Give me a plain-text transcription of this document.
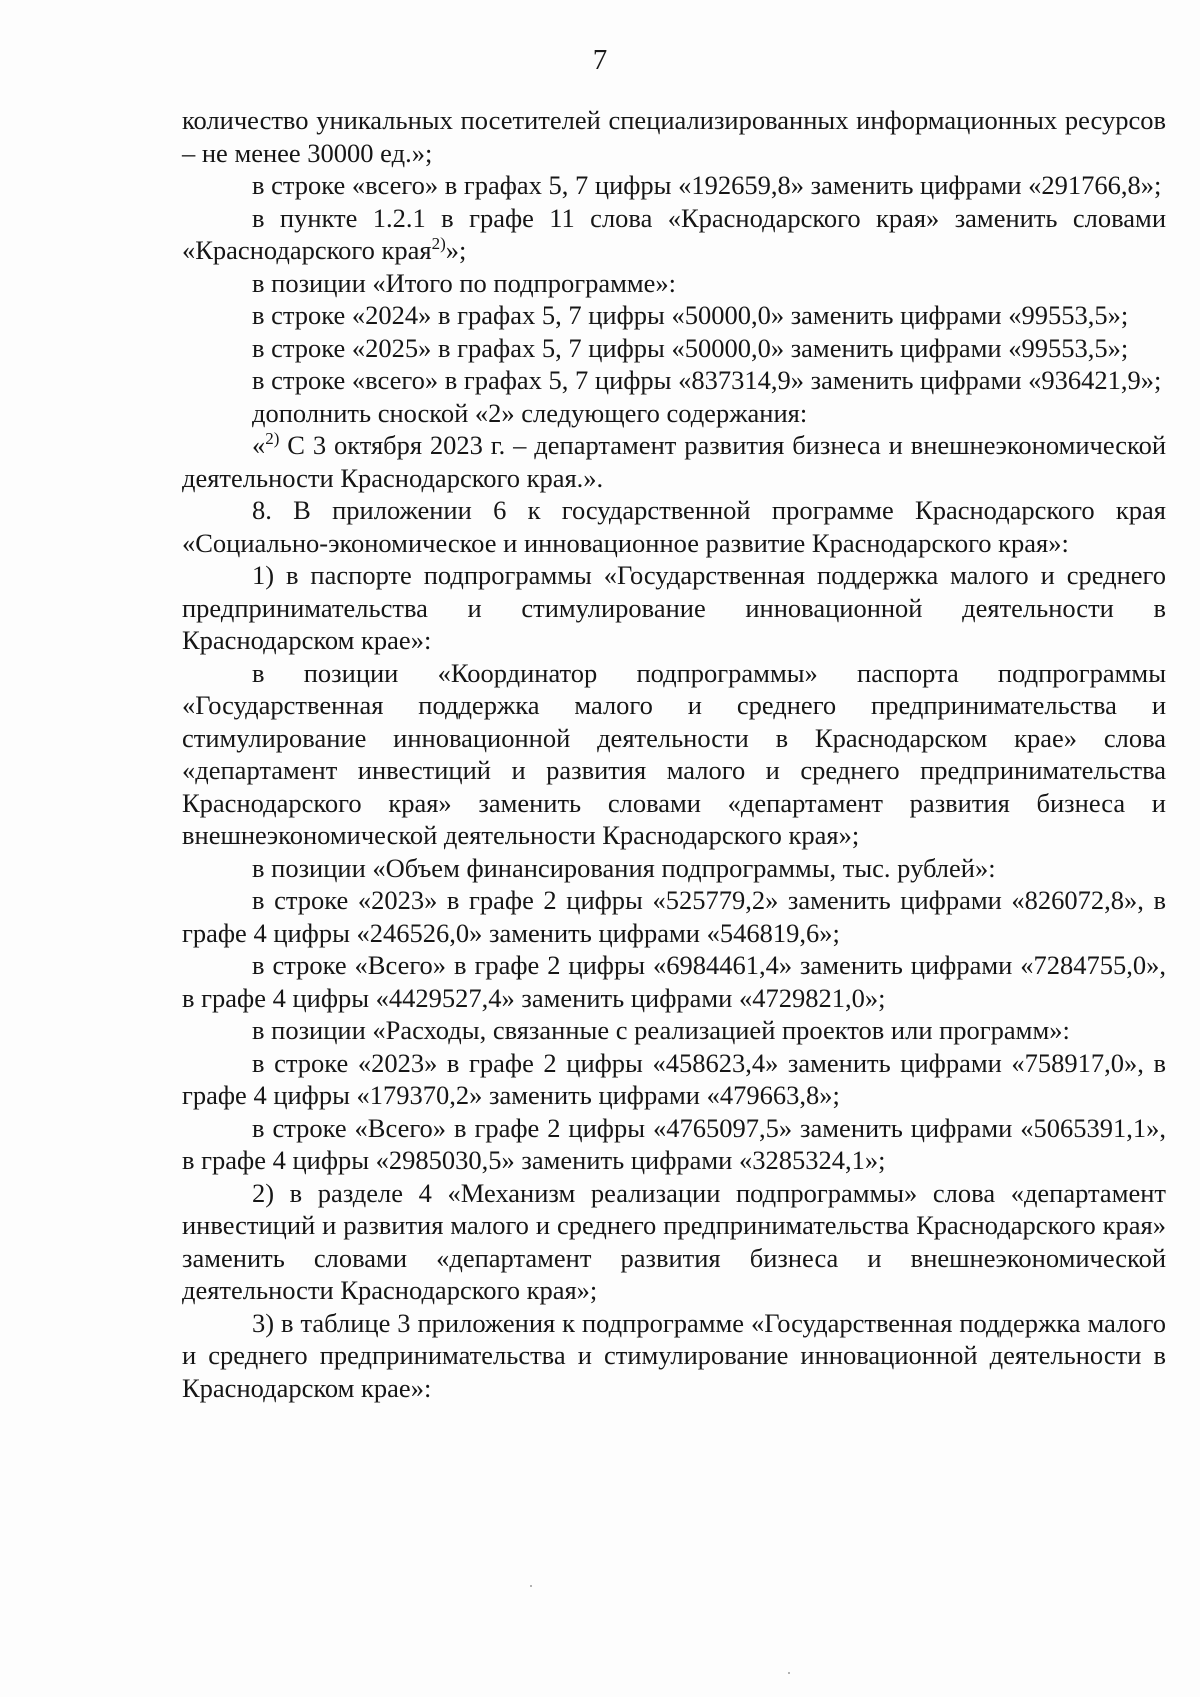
7

количество уникальных посетителей специализированных информационных ресурсов – не менее 30000 ед.»;

в строке «всего» в графах 5, 7 цифры «192659,8» заменить цифрами «291766,8»;

в пункте 1.2.1 в графе 11 слова «Краснодарского края» заменить словами «Краснодарского края$^{2)}$»;

в позиции «Итого по подпрограмме»:

в строке «2024» в графах 5, 7 цифры «50000,0» заменить цифрами «99553,5»;

в строке «2025» в графах 5, 7 цифры «50000,0» заменить цифрами «99553,5»;

в строке «всего» в графах 5, 7 цифры «837314,9» заменить цифрами «936421,9»;

дополнить сноской «2» следующего содержания:

«$^{2)}$ С 3 октября 2023 г. – департамент развития бизнеса и внешнеэкономической деятельности Краснодарского края.».

8. В приложении 6 к государственной программе Краснодарского края «Социально-экономическое и инновационное развитие Краснодарского края»:

1) в паспорте подпрограммы «Государственная поддержка малого и среднего предпринимательства и стимулирование инновационной деятельности в Краснодарском крае»:

в позиции «Координатор подпрограммы» паспорта подпрограммы «Государственная поддержка малого и среднего предпринимательства и стимулирование инновационной деятельности в Краснодарском крае» слова «департамент инвестиций и развития малого и среднего предпринимательства Краснодарского края» заменить словами «департамент развития бизнеса и внешнеэкономической деятельности Краснодарского края»;

в позиции «Объем финансирования подпрограммы, тыс. рублей»:

в строке «2023» в графе 2 цифры «525779,2» заменить цифрами «826072,8», в графе 4 цифры «246526,0» заменить цифрами «546819,6»;

в строке «Всего» в графе 2 цифры «6984461,4» заменить цифрами «7284755,0», в графе 4 цифры «4429527,4» заменить цифрами «4729821,0»;

в позиции «Расходы, связанные с реализацией проектов или программ»:

в строке «2023» в графе 2 цифры «458623,4» заменить цифрами «758917,0», в графе 4 цифры «179370,2» заменить цифрами «479663,8»;

в строке «Всего» в графе 2 цифры «4765097,5» заменить цифрами «5065391,1», в графе 4 цифры «2985030,5» заменить цифрами «3285324,1»;

2) в разделе 4 «Механизм реализации подпрограммы» слова «департамент инвестиций и развития малого и среднего предпринимательства Краснодарского края» заменить словами «департамент развития бизнеса и внешнеэкономической деятельности Краснодарского края»;

3) в таблице 3 приложения к подпрограмме «Государственная поддержка малого и среднего предпринимательства и стимулирование инновационной деятельности в Краснодарском крае»:
